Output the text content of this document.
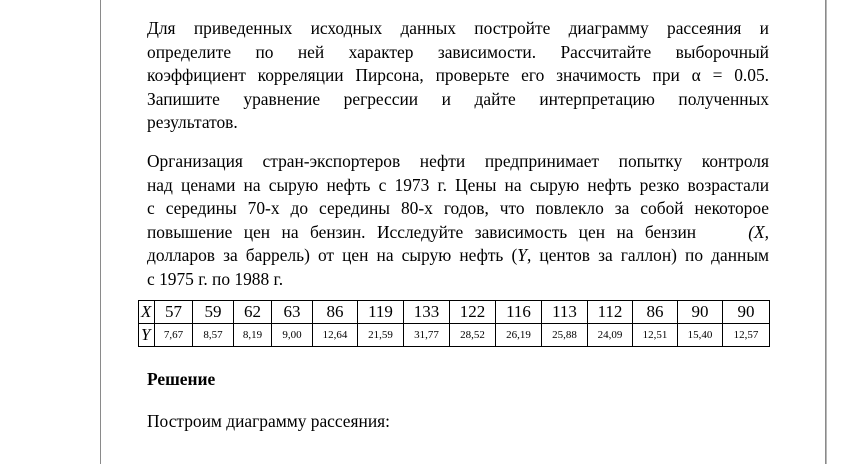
Для приведенных исходных данных постройте диаграмму рассеяния и
определите по ней характер зависимости. Рассчитайте выборочный
коэффициент корреляции Пирсона, проверьте его значимость при α = 0.05.
Запишите уравнение регрессии и дайте интерпретацию полученных
результатов.
Организация стран-экспортеров нефти предпринимает попытку контроля
над ценами на сырую нефть с 1973 г. Цены на сырую нефть резко возрастали
с середины 70-х до середины 80-х годов, что повлекло за собой некоторое
повышение цен на бензин. Исследуйте зависимость цен на бензин   	(X,
долларов за баррель) от цен на сырую нефть (Y, центов за галлон) по данным
с 1975 г. по 1988 г.
X	57	59	62	63	86	119	133	122	116	113	112	86	90	90
Y	7,67	8,57	8,19	9,00	12,64	21,59	31,77	28,52	26,19	25,88	24,09	12,51	15,40	12,57
Решение
Построим диаграмму рассеяния:
